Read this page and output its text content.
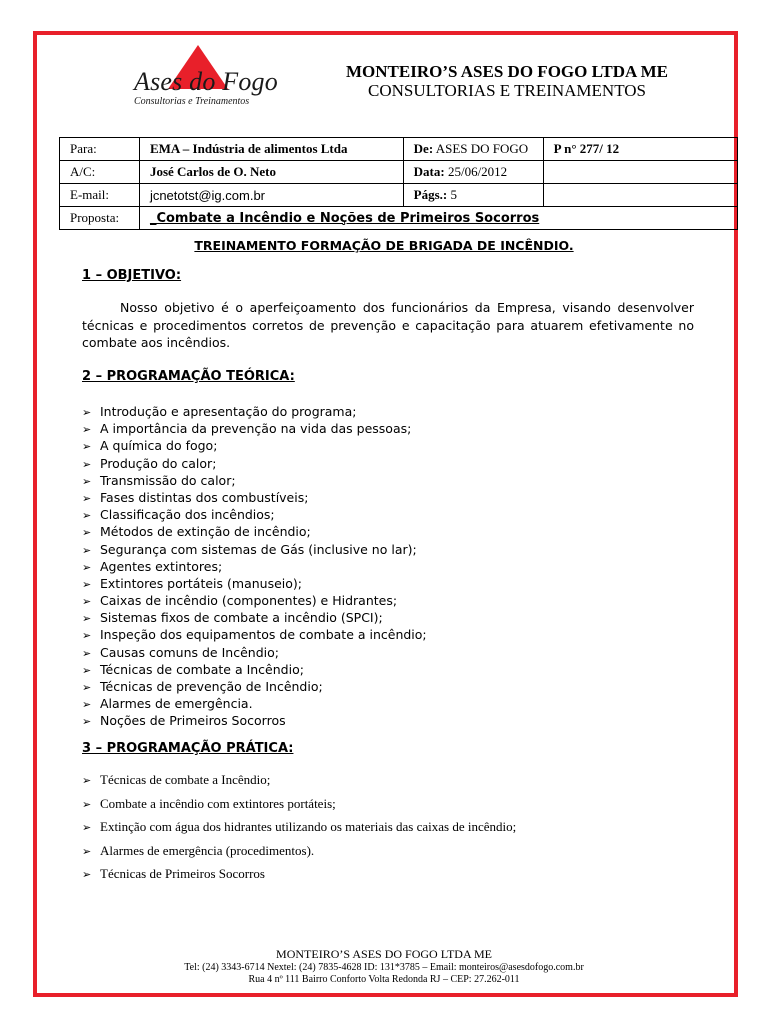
Ases do Fogo
Consultorias e Treinamentos
MONTEIRO’S ASES DO FOGO LTDA ME
CONSULTORIAS E TREINAMENTOS
Para:	EMA – Indústria de alimentos Ltda	De: ASES DO FOGO	P n° 277/ 12
A/C:	José Carlos de O. Neto	Data: 25/06/2012	
E-mail:	jcnetotst@ig.com.br	Págs.: 5	
Proposta:	_Combate a Incêndio e Noções de Primeiros Socorros		
TREINAMENTO FORMAÇÃO DE BRIGADA DE INCÊNDIO.
1 – OBJETIVO:
Nosso objetivo é o aperfeiçoamento dos funcionários da Empresa, visando desenvolver técnicas e procedimentos corretos de prevenção e capacitação para atuarem efetivamente no combate aos incêndios.
2 – PROGRAMAÇÃO TEÓRICA:
➢ Introdução e apresentação do programa;
➢ A importância da prevenção na vida das pessoas;
➢ A química do fogo;
➢ Produção do calor;
➢ Transmissão do calor;
➢ Fases distintas dos combustíveis;
➢ Classificação dos incêndios;
➢ Métodos de extinção de incêndio;
➢ Segurança com sistemas de Gás (inclusive no lar);
➢ Agentes extintores;
➢ Extintores portáteis (manuseio);
➢ Caixas de incêndio (componentes) e Hidrantes;
➢ Sistemas fixos de combate a incêndio (SPCI);
➢ Inspeção dos equipamentos de combate a incêndio;
➢ Causas comuns de Incêndio;
➢ Técnicas de combate a Incêndio;
➢ Técnicas de prevenção de Incêndio;
➢ Alarmes de emergência.
➢ Noções de Primeiros Socorros
3 – PROGRAMAÇÃO PRÁTICA:
➢ Técnicas de combate a Incêndio;
➢ Combate a incêndio com extintores portáteis;
➢ Extinção com água dos hidrantes utilizando os materiais das caixas de incêndio;
➢ Alarmes de emergência (procedimentos).
➢ Técnicas de Primeiros Socorros
MONTEIRO’S ASES DO FOGO LTDA ME
Tel: (24) 3343-6714 Nextel: (24) 7835-4628 ID: 131*3785 – Email: monteiros@asesdofogo.com.br
Rua 4 nº 111 Bairro Conforto Volta Redonda RJ – CEP: 27.262-011
